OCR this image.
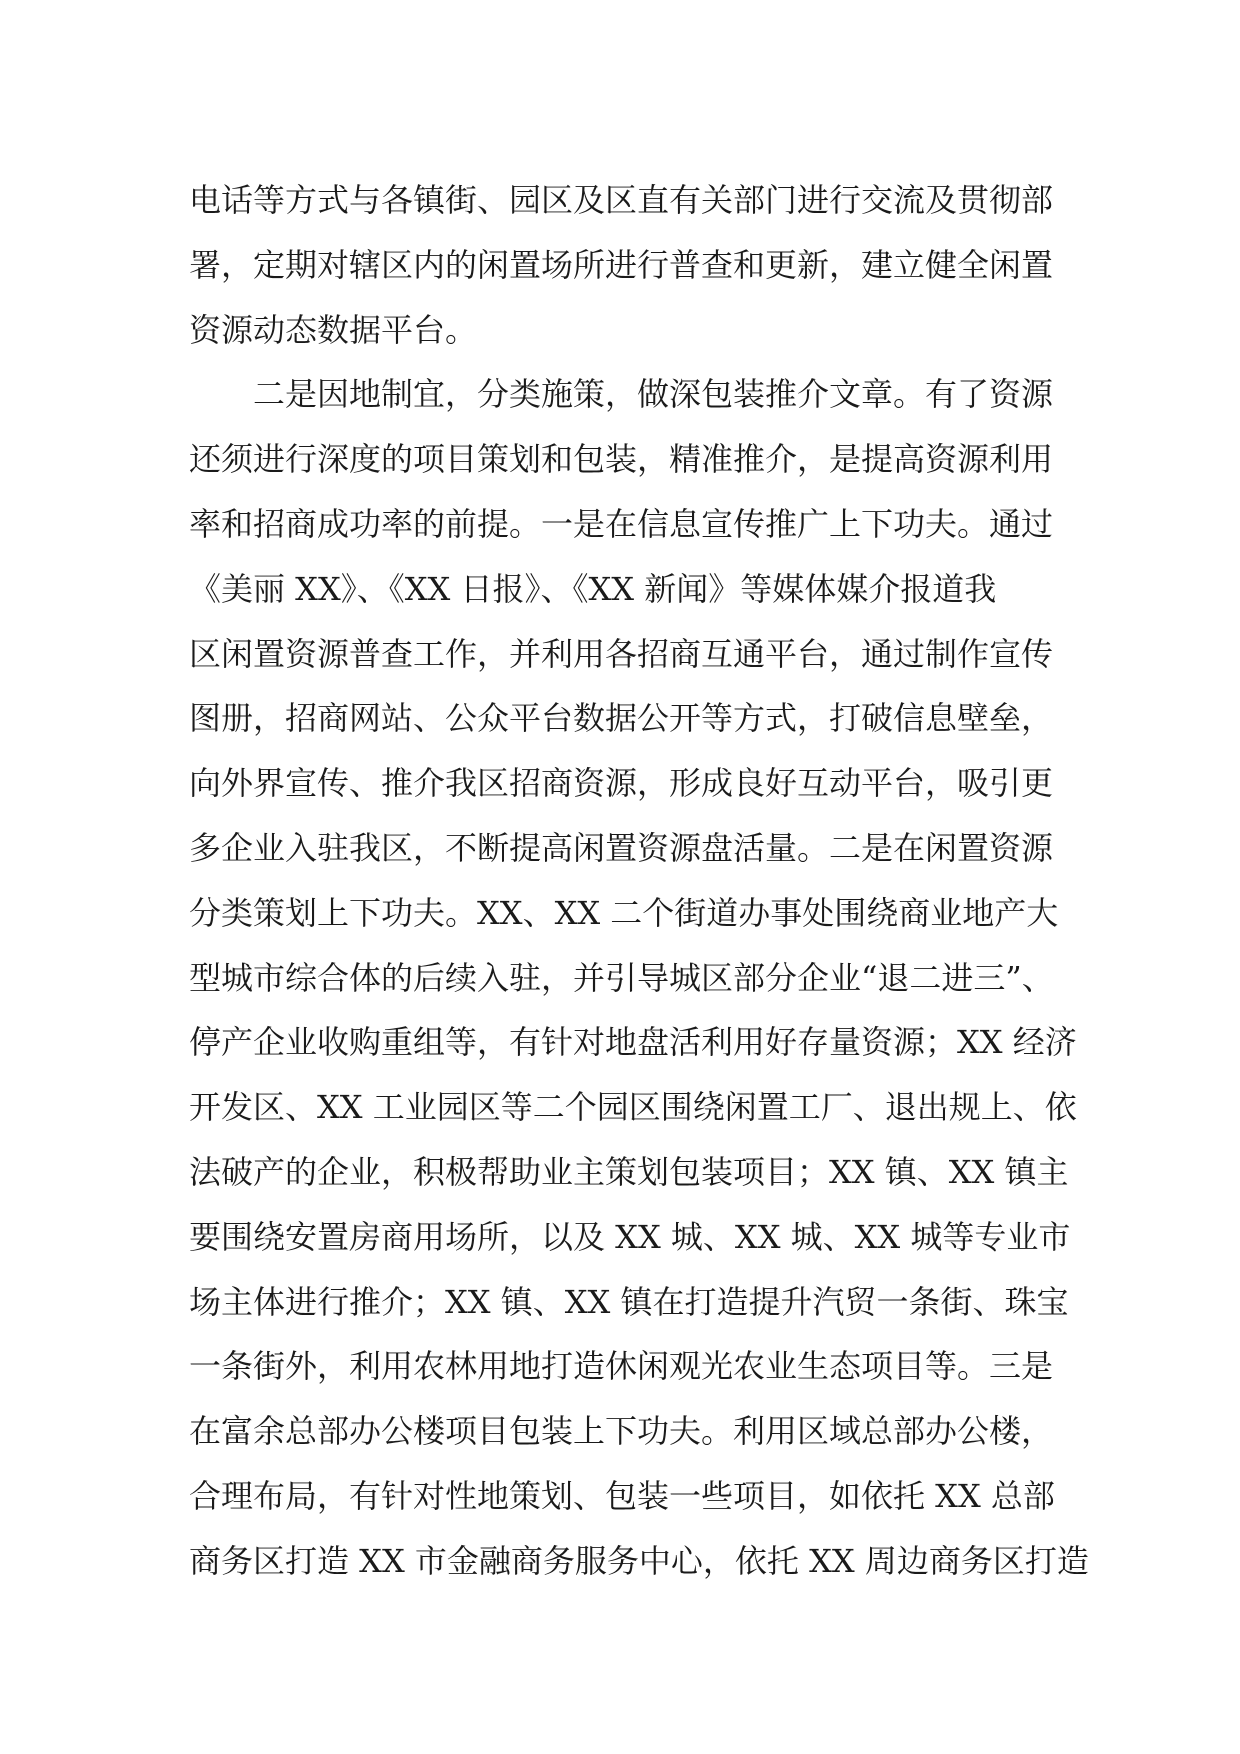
电话等方式与各镇街、园区及区直有关部门进行交流及贯彻部
署，定期对辖区内的闲置场所进行普查和更新，建立健全闲置
资源动态数据平台。
二是因地制宜，分类施策，做深包装推介文章。有了资源
还须进行深度的项目策划和包装，精准推介，是提高资源利用
率和招商成功率的前提。一是在信息宣传推广上下功夫。通过
《美丽 XX》、《XX 日报》、《XX 新闻》等媒体媒介报道我
区闲置资源普查工作，并利用各招商互通平台，通过制作宣传
图册，招商网站、公众平台数据公开等方式，打破信息壁垒，
向外界宣传、推介我区招商资源，形成良好互动平台，吸引更
多企业入驻我区，不断提高闲置资源盘活量。二是在闲置资源
分类策划上下功夫。XX、XX 二个街道办事处围绕商业地产大
型城市综合体的后续入驻，并引导城区部分企业“退二进三”、
停产企业收购重组等，有针对地盘活利用好存量资源；XX 经济
开发区、XX 工业园区等二个园区围绕闲置工厂、退出规上、依
法破产的企业，积极帮助业主策划包装项目；XX 镇、XX 镇主
要围绕安置房商用场所，以及 XX 城、XX 城、XX 城等专业市
场主体进行推介；XX 镇、XX 镇在打造提升汽贸一条街、珠宝
一条街外，利用农林用地打造休闲观光农业生态项目等。三是
在富余总部办公楼项目包装上下功夫。利用区域总部办公楼，
合理布局，有针对性地策划、包装一些项目，如依托 XX 总部
商务区打造 XX 市金融商务服务中心，依托 XX 周边商务区打造
